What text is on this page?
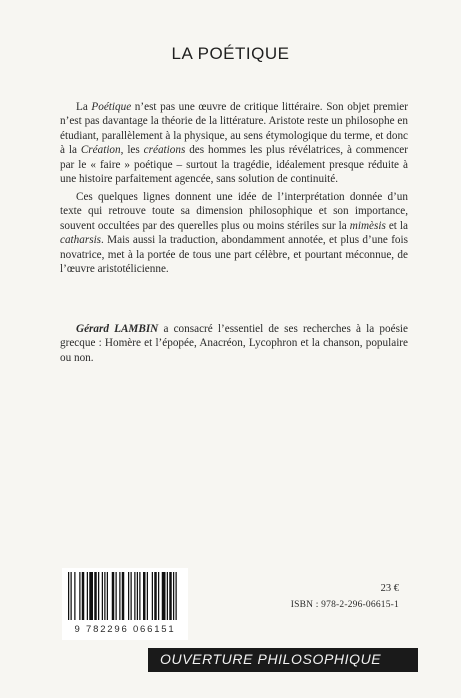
LA POÉTIQUE

La Poétique n’est pas une œuvre de critique littéraire. Son objet premier n’est pas davantage la théorie de la littérature. Aristote reste un philosophe en étudiant, parallèlement à la physique, au sens étymologique du terme, et donc à la Création, les créations des hommes les plus révélatrices, à commencer par le « faire » poétique – surtout la tragédie, idéalement presque réduite à une histoire parfaitement agencée, sans solution de continuité.

Ces quelques lignes donnent une idée de l’interprétation donnée d’un texte qui retrouve toute sa dimension philosophique et son importance, souvent occultées par des querelles plus ou moins stériles sur la mimèsis et la catharsis. Mais aussi la traduction, abondamment annotée, et plus d’une fois novatrice, met à la portée de tous une part célèbre, et pourtant méconnue, de l’œuvre aristotélicienne.

Gérard LAMBIN a consacré l’essentiel de ses recherches à la poésie grecque : Homère et l’épopée, Anacréon, Lycophron et la chanson, populaire ou non.

9 782296 066151
23 €
ISBN : 978-2-296-06615-1
OUVERTURE PHILOSOPHIQUE
